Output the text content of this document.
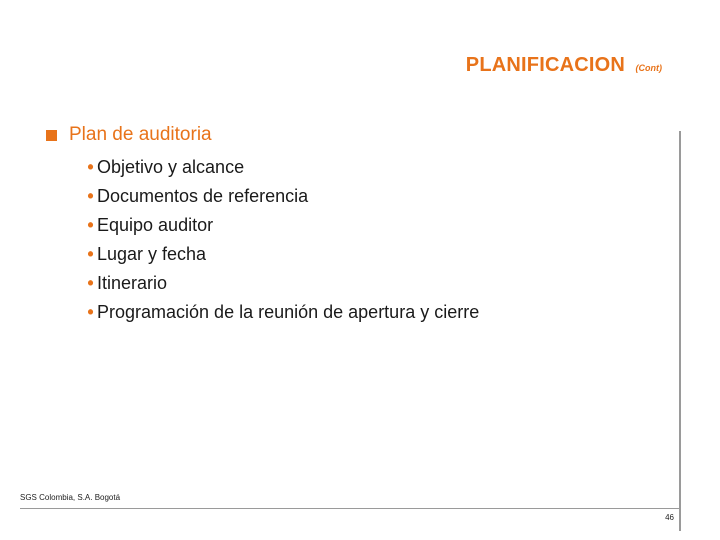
PLANIFICACION (Cont)
Plan de auditoria
• Objetivo y alcance
• Documentos de referencia
• Equipo auditor
• Lugar y fecha
• Itinerario
• Programación de la reunión de apertura y cierre
SGS Colombia, S.A. Bogotá
46
